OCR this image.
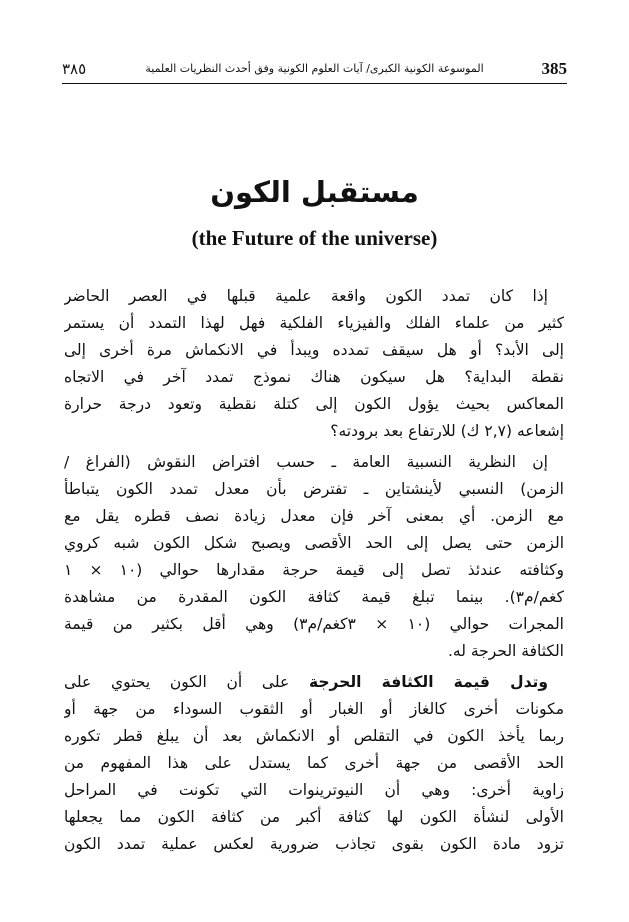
٣٨٥	الموسوعة الكونية الكبرى/ آيات العلوم الكونية وفق أحدث النظريات العلمية	385
مستقبل الكون
(the Future of the universe)
إذا كان تمدد الكون واقعة علمية قبلها في العصر الحاضر
كثير من علماء الفلك والفيزياء الفلكية فهل لهذا التمدد أن يستمر
إلى الأبد؟ أو هل سيقف تمدده ويبدأ في الانكماش مرة أخرى إلى
نقطة البداية؟ هل سيكون هناك نموذج تمدد آخر في الاتجاه
المعاكس بحيث يؤول الكون إلى كتلة نقطية وتعود درجة حرارة
إشعاعه (٢,٧ ك) للارتفاع بعد برودته؟
إن النظرية النسبية العامة ـ حسب افتراض النقوش (الفراغ /
الزمن) النسبي لأينشتاين ـ تفترض بأن معدل تمدد الكون يتباطأ
مع الزمن. أي بمعنى آخر فإن معدل زيادة نصف قطره يقل مع
الزمن حتى يصل إلى الحد الأقصى ويصبح شكل الكون شبه كروي
وكثافته عندئذ تصل إلى قيمة حرجة مقدارها حوالي (١٠ × ١
كغم/م٣). بينما تبلغ قيمة كثافة الكون المقدرة من مشاهدة
المجرات حوالي (١٠ × ٣كغم/م٣) وهي أقل بكثير من قيمة
الكثافة الحرجة له.
وتدل قيمة الكثافة الحرجة على أن الكون يحتوي على
مكونات أخرى كالغاز أو الغبار أو الثقوب السوداء من جهة أو
ربما يأخذ الكون في التقلص أو الانكماش بعد أن يبلغ قطر تكوره
الحد الأقصى من جهة أخرى كما يستدل على هذا المفهوم من
زاوية أخرى: وهي أن النيوترينوات التي تكونت في المراحل
الأولى لنشأة الكون لها كثافة أكبر من كثافة الكون مما يجعلها
تزود مادة الكون بقوى تجاذب ضرورية لعكس عملية تمدد الكون
